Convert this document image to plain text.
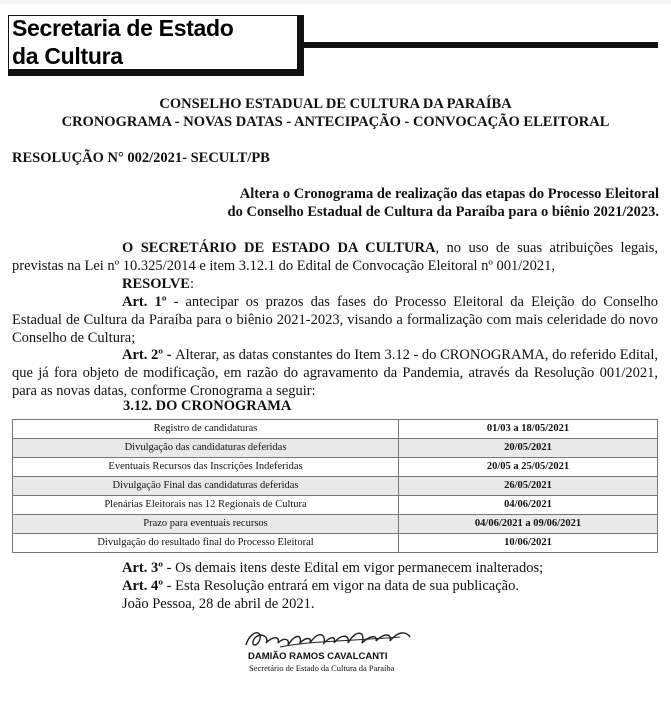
Secretaria de Estado
da Cultura
CONSELHO ESTADUAL DE CULTURA DA PARAÍBA
CRONOGRAMA - NOVAS DATAS - ANTECIPAÇÃO - CONVOCAÇÃO ELEITORAL
RESOLUÇÃO N° 002/2021- SECULT/PB
Altera o Cronograma de realização das etapas do Processo Eleitoral
do Conselho Estadual de Cultura da Paraíba para o biênio 2021/2023.
O SECRETÁRIO DE ESTADO DA CULTURA, no uso de suas atribuições legais, previstas na Lei nº 10.325/2014 e item 3.12.1 do Edital de Convocação Eleitoral nº 001/2021,
RESOLVE:
Art. 1º - antecipar os prazos das fases do Processo Eleitoral da Eleição do Conselho Estadual de Cultura da Paraíba para o biênio 2021-2023, visando a formalização com mais celeridade do novo Conselho de Cultura;
Art. 2º - Alterar, as datas constantes do Item 3.12 - do CRONOGRAMA, do referido Edital, que já fora objeto de modificação, em razão do agravamento da Pandemia, através da Resolução 001/2021, para as novas datas, conforme Cronograma a seguir:
3.12. DO CRONOGRAMA
Registro de candidaturas	01/03 a 18/05/2021
Divulgação das candidaturas deferidas	20/05/2021
Eventuais Recursos das Inscrições Indeferidas	20/05 a 25/05/2021
Divulgação Final das candidaturas deferidas	26/05/2021
Plenárias Eleitorais nas 12 Regionais de Cultura	04/06/2021
Prazo para eventuais recursos	04/06/2021 a 09/06/2021
Divulgação do resultado final do Processo Eleitoral	10/06/2021
Art. 3º - Os demais itens deste Edital em vigor permanecem inalterados;
Art. 4º - Esta Resolução entrará em vigor na data de sua publicação.
João Pessoa, 28 de abril de 2021.
DAMIÃO RAMOS CAVALCANTI
Secretário de Estado da Cultura da Paraíba
